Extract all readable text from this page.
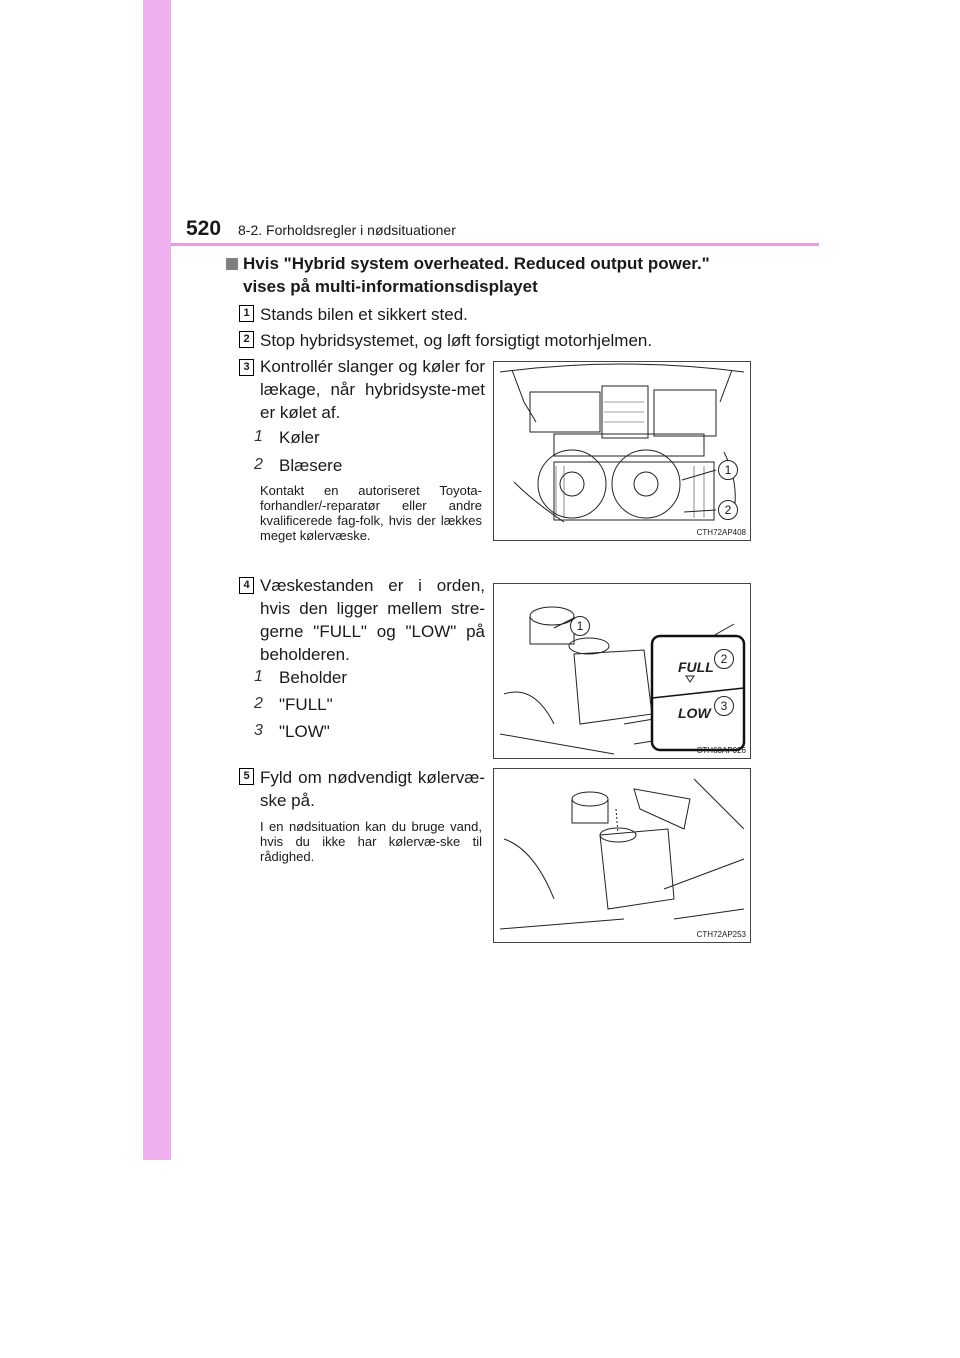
520 8-2. Forholdsregler i nødsituationer
Hvis "Hybrid system overheated. Reduced output power." vises på multi-informationsdisplayet
1 Stands bilen et sikkert sted.
2 Stop hybridsystemet, og løft forsigtigt motorhjelmen.
3 Kontrollér slanger og køler for lækage, når hybridsyste-met er kølet af.
1 Køler
2 Blæsere
Kontakt en autoriseret Toyota-forhandler/-reparatør eller andre kvalificerede fag-folk, hvis der lækkes meget kølervæske.
1
2
CTH72AP408
4 Væskestanden er i orden, hvis den ligger mellem stre-gerne "FULL" og "LOW" på beholderen.
1 Beholder
2 "FULL"
3 "LOW"
FULL
LOW
1
2
3
CTH63AP026
5 Fyld om nødvendigt kølervæ-ske på.
I en nødsituation kan du bruge vand, hvis du ikke har kølervæ-ske til rådighed.
CTH72AP253
